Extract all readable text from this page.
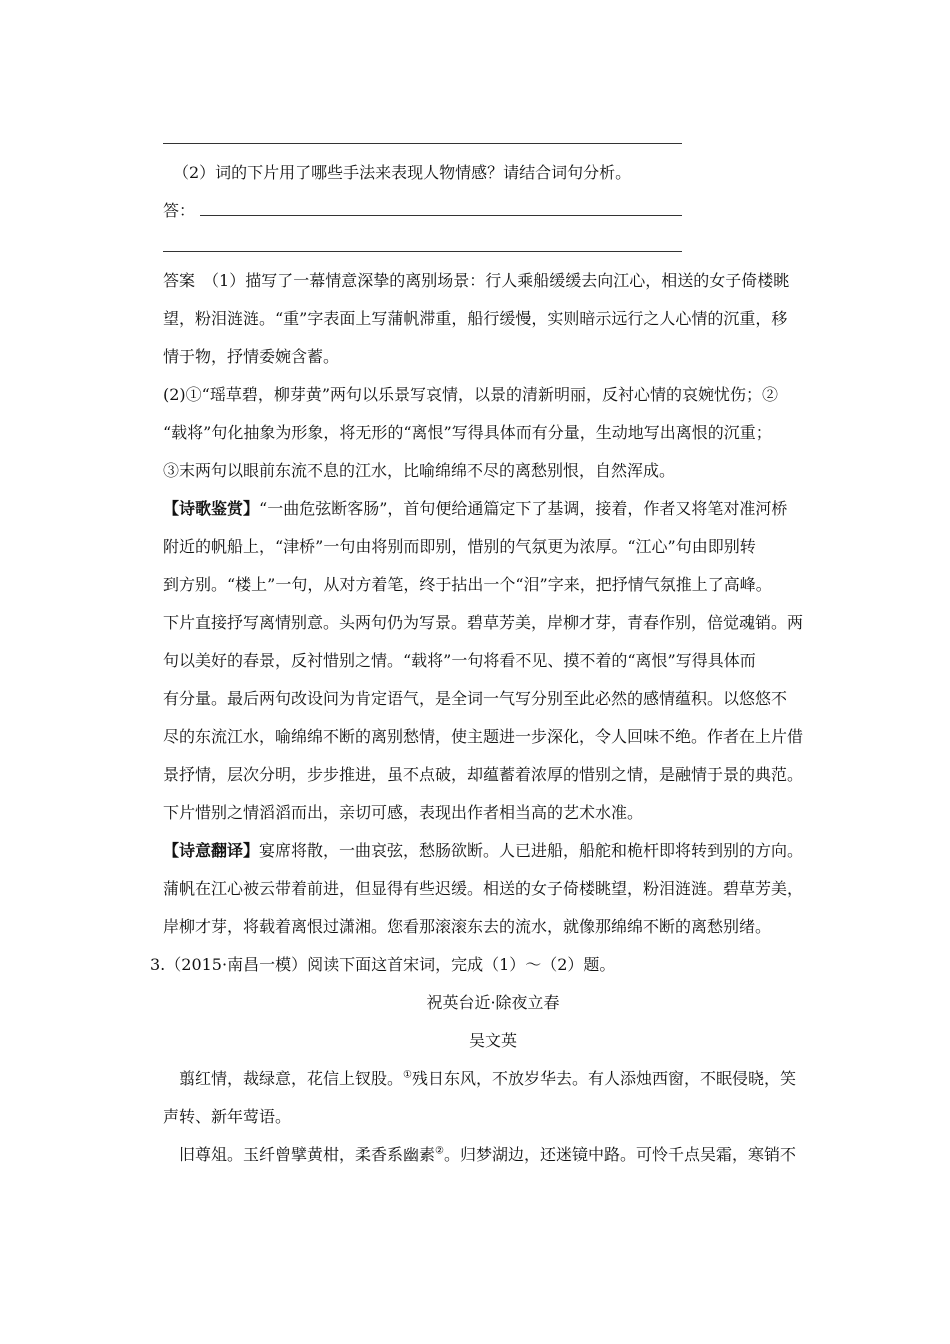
（2）词的下片用了哪些手法来表现人物情感？请结合词句分析。
答：
答案　 （1）描写了一幕情意深挚的离别场景：行人乘船缓缓去向江心，相送的女子倚楼眺
望，粉泪涟涟。“重”字表面上写蒲帆滞重，船行缓慢，实则暗示远行之人心情的沉重，移
情于物，抒情委婉含蓄。
(2)①“瑶草碧，柳芽黄”两句以乐景写哀情，以景的清新明丽，反衬心情的哀婉忧伤；②
“载将”句化抽象为形象，将无形的“离恨”写得具体而有分量，生动地写出离恨的沉重；
③末两句以眼前东流不息的江水，比喻绵绵不尽的离愁别恨，自然浑成。
【诗歌鉴赏】“一曲危弦断客肠”，首句便给通篇定下了基调，接着，作者又将笔对准河桥
附近的帆船上，“津桥”一句由将别而即别，惜别的气氛更为浓厚。“江心”句由即别转
到方别。“楼上”一句，从对方着笔，终于拈出一个“泪”字来，把抒情气氛推上了高峰。
下片直接抒写离情别意。头两句仍为写景。碧草芳美，岸柳才芽，青春作别，倍觉魂销。两
句以美好的春景，反衬惜别之情。“载将”一句将看不见、摸不着的“离恨”写得具体而
有分量。最后两句改设问为肯定语气，是全词一气写分别至此必然的感情蕴积。以悠悠不
尽的东流江水，喻绵绵不断的离别愁情，使主题进一步深化，令人回味不绝。作者在上片借
景抒情，层次分明，步步推进，虽不点破，却蕴蓄着浓厚的惜别之情，是融情于景的典范。
下片惜别之情滔滔而出，亲切可感，表现出作者相当高的艺术水准。
【诗意翻译】宴席将散，一曲哀弦，愁肠欲断。人已进船，船舵和桅杆即将转到别的方向。
蒲帆在江心被云带着前进，但显得有些迟缓。相送的女子倚楼眺望，粉泪涟涟。碧草芳美，
岸柳才芽，将载着离恨过潇湘。您看那滚滚东去的流水，就像那绵绵不断的离愁别绪。
3.（2015·南昌一模）阅读下面这首宋词，完成（1）～（2）题。
祝英台近·除夜立春
吴文英
翦红情，裁绿意，花信上钗股。①残日东风，不放岁华去。有人添烛西窗，不眠侵晓，笑
声转、新年莺语。
旧尊俎。玉纤曾擘黄柑，柔香系幽素②。归梦湖边，还迷镜中路。可怜千点吴霜，寒销不
